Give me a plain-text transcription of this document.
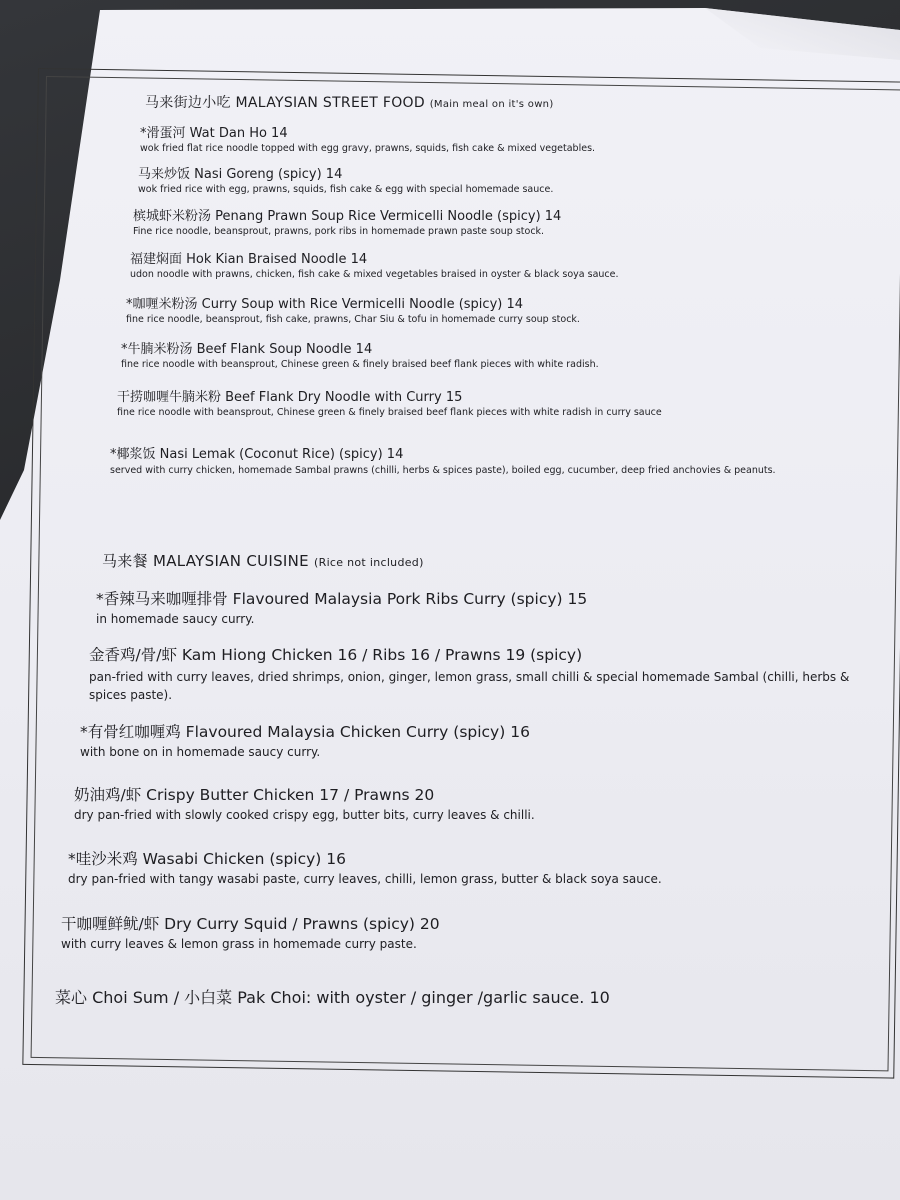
马来街边小吃 MALAYSIAN STREET FOOD (Main meal on it's own)
*滑蛋河 Wat Dan Ho 14
wok fried flat rice noodle topped with egg gravy, prawns, squids, fish cake & mixed vegetables.
马来炒饭 Nasi Goreng (spicy) 14
wok fried rice with egg, prawns, squids, fish cake & egg with special homemade sauce.
槟城虾米粉汤 Penang Prawn Soup Rice Vermicelli Noodle (spicy) 14
Fine rice noodle, beansprout, prawns, pork ribs in homemade prawn paste soup stock.
福建焖面 Hok Kian Braised Noodle 14
udon noodle with prawns, chicken, fish cake & mixed vegetables braised in oyster & black soya sauce.
*咖喱米粉汤 Curry Soup with Rice Vermicelli Noodle (spicy) 14
fine rice noodle, beansprout, fish cake, prawns, Char Siu & tofu in homemade curry soup stock.
*牛腩米粉汤 Beef Flank Soup Noodle 14
fine rice noodle with beansprout, Chinese green & finely braised beef flank pieces with white radish.
干捞咖喱牛腩米粉 Beef Flank Dry Noodle with Curry 15
fine rice noodle with beansprout, Chinese green & finely braised beef flank pieces with white radish in curry sauce
*椰浆饭 Nasi Lemak (Coconut Rice) (spicy) 14
served with curry chicken, homemade Sambal prawns (chilli, herbs & spices paste), boiled egg, cucumber, deep fried anchovies & peanuts.
马来餐 MALAYSIAN CUISINE (Rice not included)
*香辣马来咖喱排骨 Flavoured Malaysia Pork Ribs Curry (spicy) 15
in homemade saucy curry.
金香鸡/骨/虾 Kam Hiong Chicken 16 / Ribs 16 / Prawns 19 (spicy)
pan-fried with curry leaves, dried shrimps, onion, ginger, lemon grass, small chilli & special homemade Sambal (chilli, herbs & spices paste).
*有骨红咖喱鸡 Flavoured Malaysia Chicken Curry (spicy) 16
with bone on in homemade saucy curry.
奶油鸡/虾 Crispy Butter Chicken 17 / Prawns 20
dry pan-fried with slowly cooked crispy egg, butter bits, curry leaves & chilli.
*哇沙米鸡 Wasabi Chicken (spicy) 16
dry pan-fried with tangy wasabi paste, curry leaves, chilli, lemon grass, butter & black soya sauce.
干咖喱鲜鱿/虾 Dry Curry Squid / Prawns (spicy) 20
with curry leaves & lemon grass in homemade curry paste.
菜心 Choi Sum / 小白菜 Pak Choi: with oyster / ginger /garlic sauce. 10
